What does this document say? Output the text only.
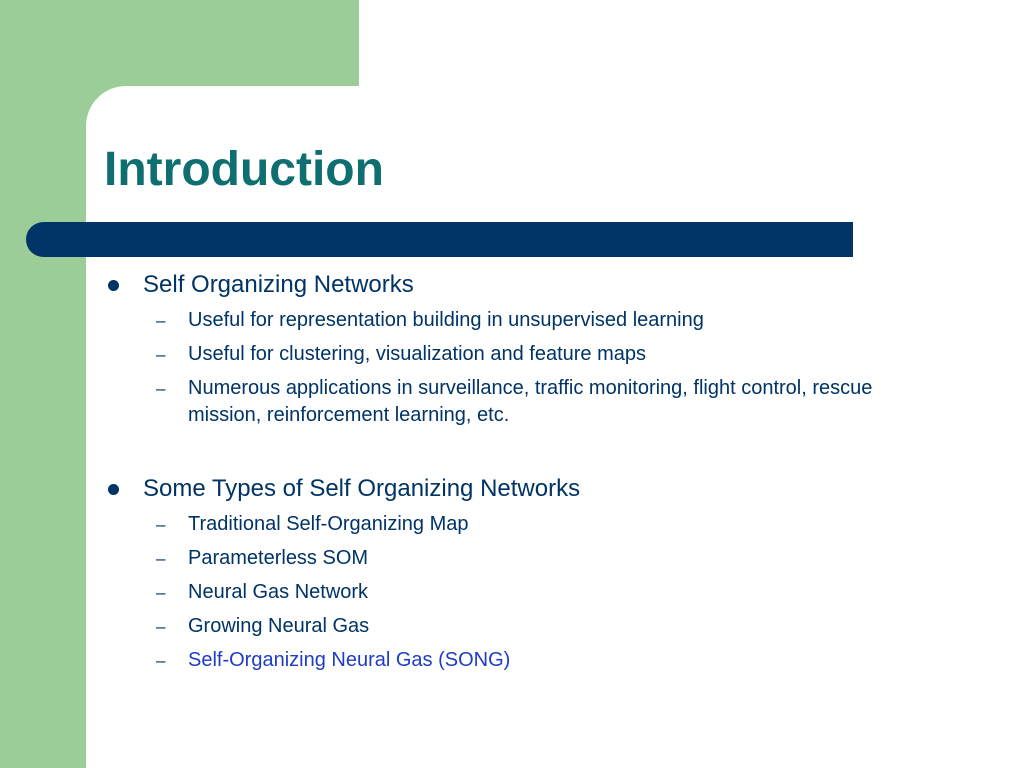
Introduction
Self Organizing Networks
– Useful for representation building in unsupervised learning
– Useful for clustering, visualization and feature maps
– Numerous applications in surveillance, traffic monitoring, flight control, rescue mission, reinforcement learning, etc.
Some Types of Self Organizing Networks
– Traditional Self-Organizing Map
– Parameterless SOM
– Neural Gas Network
– Growing Neural Gas
– Self-Organizing Neural Gas (SONG)
